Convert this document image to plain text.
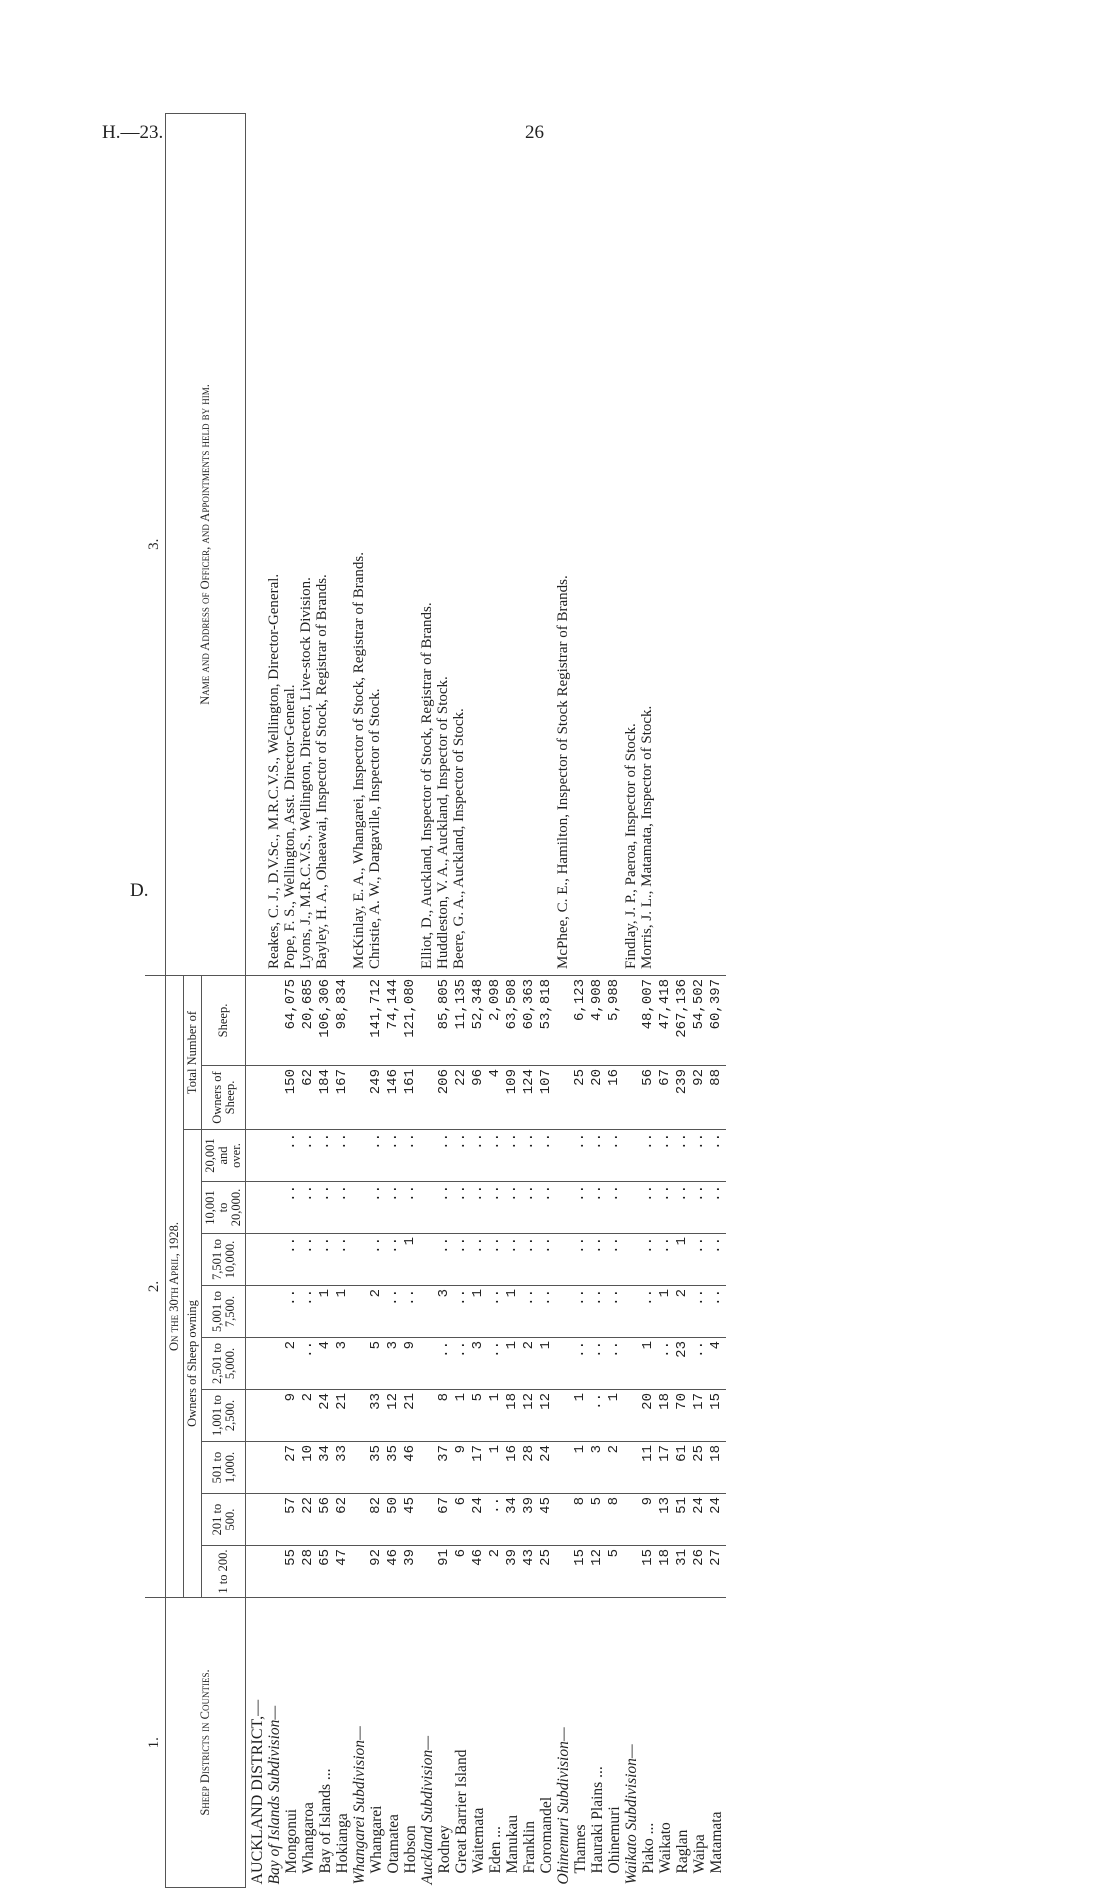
H.—23.	26
1.	2.											3.
Sheep Districts in Counties.	On the 30th April, 1928.											Name and Address of Officer, and Appointments held by him.
	Owners of Sheep owning									Total Number of		
	1 to 200.	201 to 500.	501 to 1,000.	1,001 to 2,500.	2,501 to 5,000.	5,001 to 7,500.	7,501 to 10,000.	10,001 to 20,000.	20,001 and over.	Owners of Sheep.	Sheep.	
AUCKLAND DISTRICT,—												
Bay of Islands Subdivision—												Reakes, C. J., D.V.Sc., M.R.C.V.S., Wellington, Director-General. Pope, F. S., Wellington, Asst. Director-General. Lyons, J., M.R.C.V.S., Wellington, Director, Live-stock Division. Bayley, H. A., Ohaeawai, Inspector of Stock, Registrar of Brands.

Mongonui	55	57	27	9	2	..	..	..	..	150	64,075	
Whangaroa	28	22	10	2	..	..	..	..	..	62	20,685	
Bay of Islands ...	65	56	34	24	4	1	..	..	..	184	106,306	
Hokianga	47	62	33	21	3	1	..	..	..	167	98,834	
Whangarei Subdivision—												McKinlay, E. A., Whangarei, Inspector of Stock, Registrar of Brands. Christie, A. W., Dargaville, Inspector of Stock.

Whangarei	92	82	35	33	5	2	..	..	..	249	141,712	
Otamatea	46	50	35	12	3	..	..	..	..	146	74,144	
Hobson	39	45	46	21	9	..	1	..	..	161	121,080	
Auckland Subdivision—												Elliot, D., Auckland, Inspector of Stock, Registrar of Brands. Huddleston, V. A., Auckland, Inspector of Stock. Beere, G. A., Auckland, Inspector of Stock.

Rodney	91	67	37	8	..	3	..	..	..	206	85,805	
Great Barrier Island	6	6	9	1	..	..	..	..	..	22	11,135	
Waitemata	46	24	17	5	3	1	..	..	..	96	52,348	
Eden ...	2	..	1	1	..	..	..	..	..	4	2,098	
Manukau	39	34	16	18	1	1	..	..	..	109	63,508	
Franklin	43	39	28	12	2	..	..	..	..	124	60,363	
Coromandel	25	45	24	12	1	..	..	..	..	107	53,818	
Ohinemuri Subdivision—												McPhee, C. E., Hamilton, Inspector of Stock Registrar of Brands.

Thames	15	8	1	1	..	..	..	..	..	25	6,123	
Hauraki Plains ...	12	5	3	..	..	..	..	..	..	20	4,908	
Ohinemuri	5	8	2	1	..	..	..	..	..	16	5,988	
Waikato Subdivision—												Findlay, J. P., Paeroa, Inspector of Stock. Morris, J. L., Matamata, Inspector of Stock.

Piako ...	15	9	11	20	1	..	..	..	..	56	48,007	
Waikato	18	13	17	18	..	1	..	..	..	67	47,418	
Raglan	31	51	61	70	23	2	1	..	..	239	267,136	
Waipa	26	24	25	17	..	..	..	..	..	92	54,502	
Matamata	27	24	18	15	4	..	..	..	..	88	60,397	
D.
